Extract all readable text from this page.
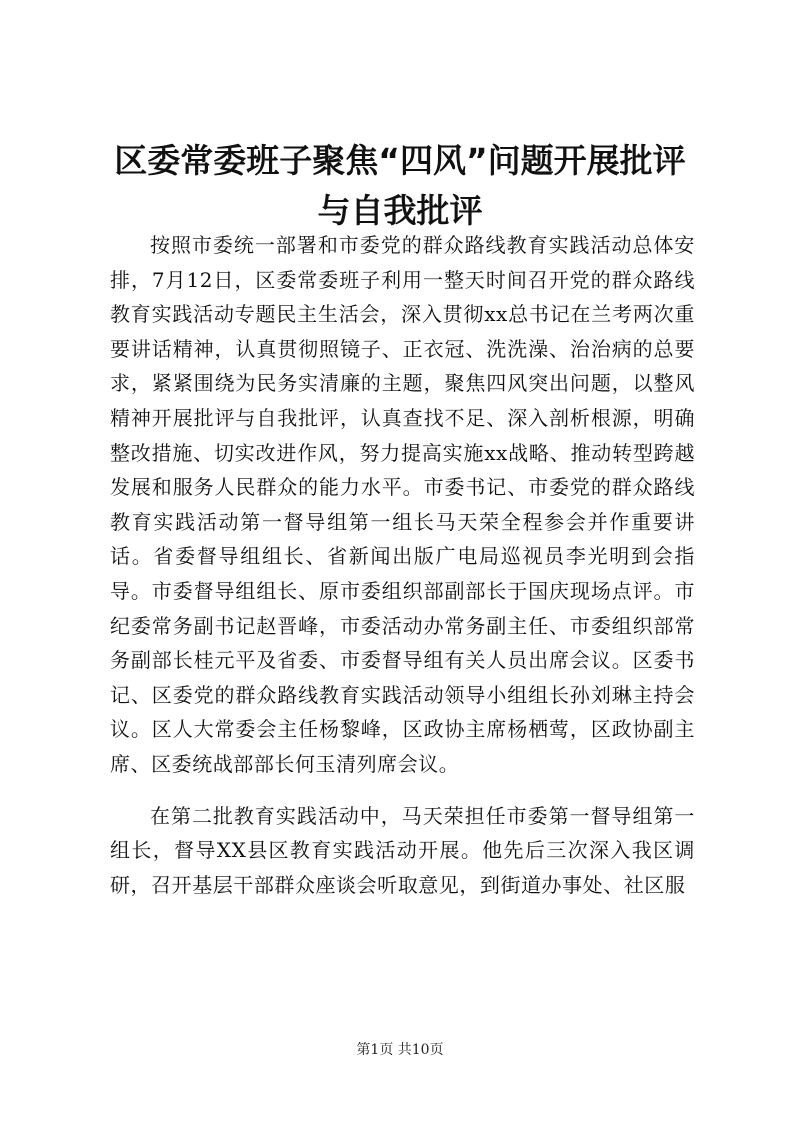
区委常委班子聚焦“四风”问题开展批评与自我批评

按照市委统一部署和市委党的群众路线教育实践活动总体安排，7月12日，区委常委班子利用一整天时间召开党的群众路线教育实践活动专题民主生活会，深入贯彻xx总书记在兰考两次重要讲话精神，认真贯彻照镜子、正衣冠、洗洗澡、治治病的总要求，紧紧围绕为民务实清廉的主题，聚焦四风突出问题，以整风精神开展批评与自我批评，认真查找不足、深入剖析根源，明确整改措施、切实改进作风，努力提高实施xx战略、推动转型跨越发展和服务人民群众的能力水平。市委书记、市委党的群众路线教育实践活动第一督导组第一组长马天荣全程参会并作重要讲话。省委督导组组长、省新闻出版广电局巡视员李光明到会指导。市委督导组组长、原市委组织部副部长于国庆现场点评。市纪委常务副书记赵晋峰，市委活动办常务副主任、市委组织部常务副部长桂元平及省委、市委督导组有关人员出席会议。区委书记、区委党的群众路线教育实践活动领导小组组长孙刘琳主持会议。区人大常委会主任杨黎峰，区政协主席杨栖莺，区政协副主席、区委统战部部长何玉清列席会议。

在第二批教育实践活动中，马天荣担任市委第一督导组第一组长，督导XX县区教育实践活动开展。他先后三次深入我区调研，召开基层干部群众座谈会听取意见，到街道办事处、社区服

第1页 共10页
